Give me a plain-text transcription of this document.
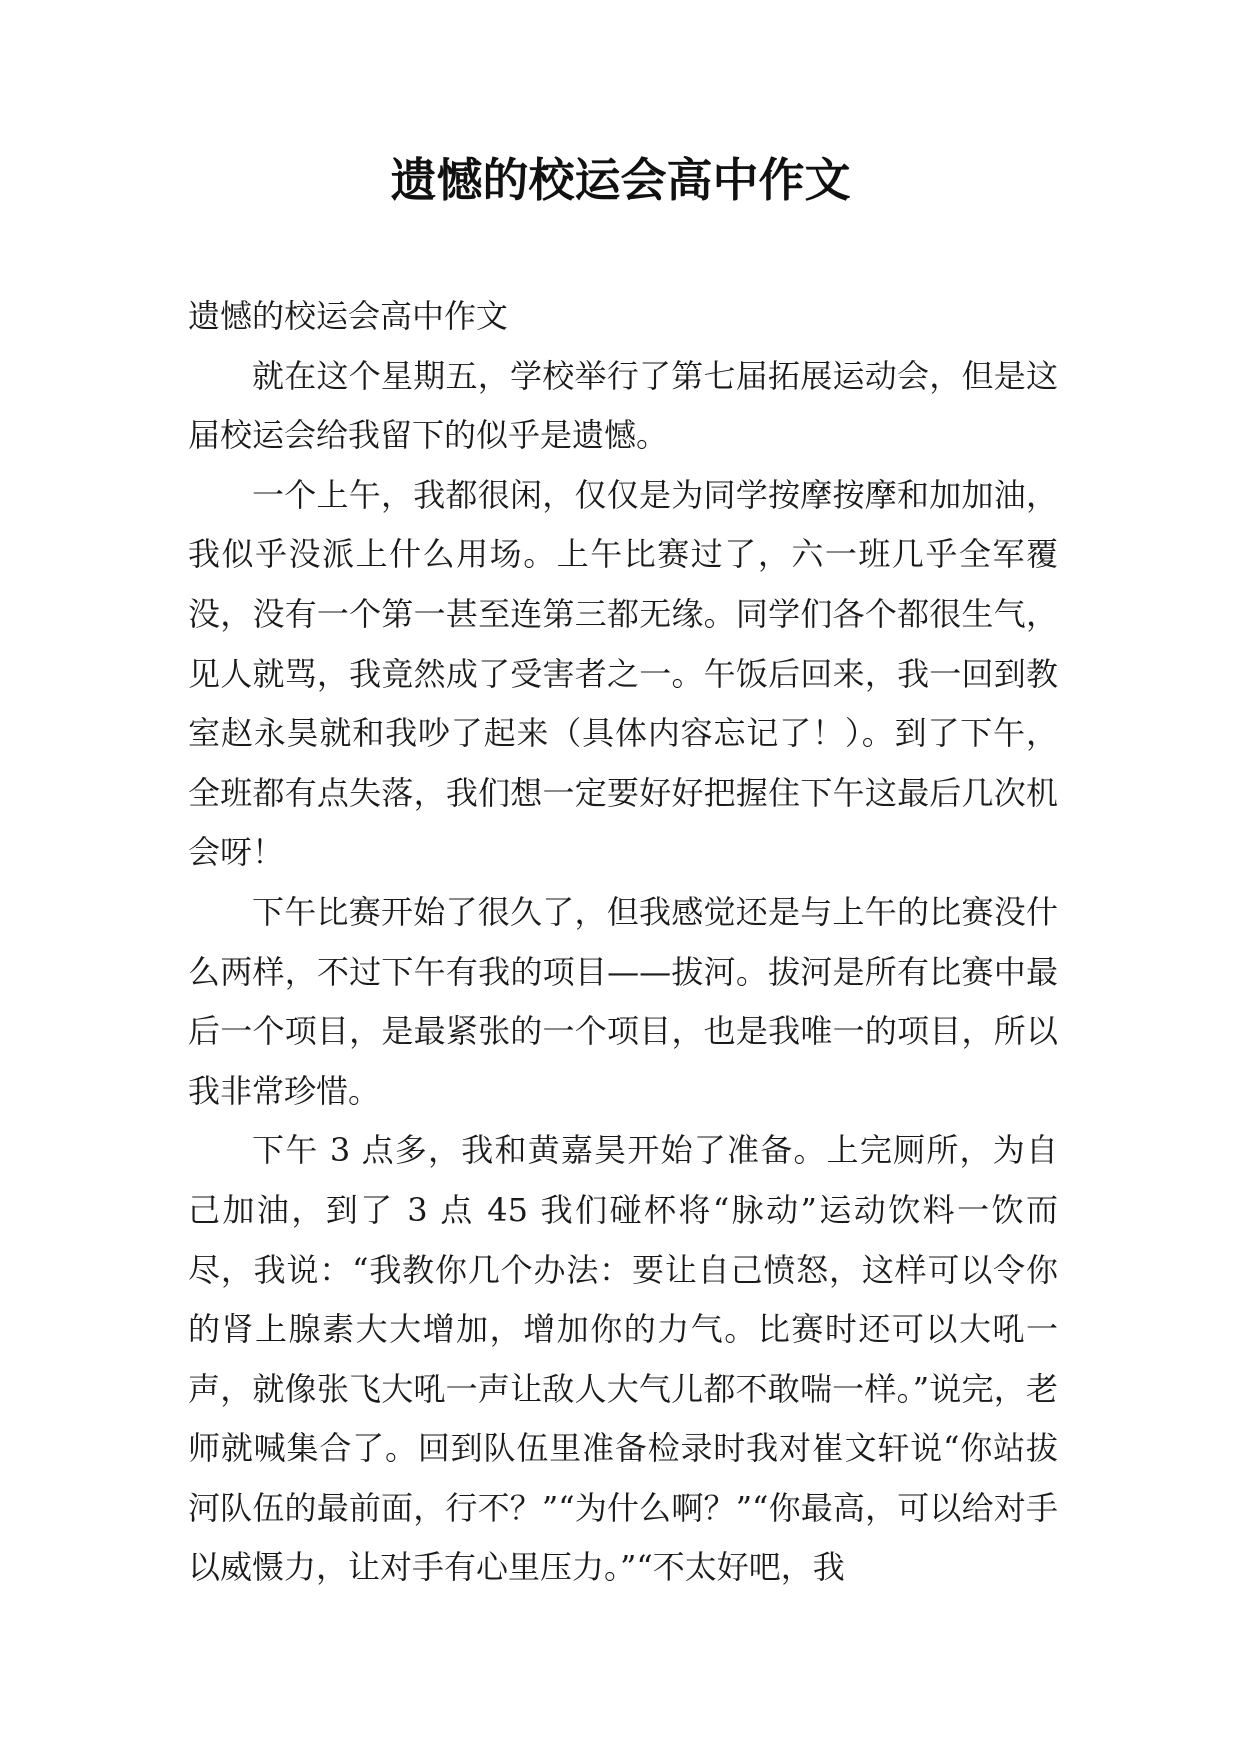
遗憾的校运会高中作文

遗憾的校运会高中作文

就在这个星期五，学校举行了第七届拓展运动会，但是这届校运会给我留下的似乎是遗憾。

一个上午，我都很闲，仅仅是为同学按摩按摩和加加油，我似乎没派上什么用场。上午比赛过了，六一班几乎全军覆没，没有一个第一甚至连第三都无缘。同学们各个都很生气，见人就骂，我竟然成了受害者之一。午饭后回来，我一回到教室赵永昊就和我吵了起来（具体内容忘记了！）。到了下午，全班都有点失落，我们想一定要好好把握住下午这最后几次机会呀！

下午比赛开始了很久了，但我感觉还是与上午的比赛没什么两样，不过下午有我的项目——拔河。拔河是所有比赛中最后一个项目，是最紧张的一个项目，也是我唯一的项目，所以我非常珍惜。

下午 3 点多，我和黄嘉昊开始了准备。上完厕所，为自己加油，到了 3 点 45 我们碰杯将“脉动”运动饮料一饮而尽，我说：“我教你几个办法：要让自己愤怒，这样可以令你的肾上腺素大大增加，增加你的力气。比赛时还可以大吼一声，就像张飞大吼一声让敌人大气儿都不敢喘一样。”说完，老师就喊集合了。回到队伍里准备检录时我对崔文轩说“你站拔河队伍的最前面，行不？”“为什么啊？”“你最高，可以给对手以威慑力，让对手有心里压力。”“不太好吧，我
